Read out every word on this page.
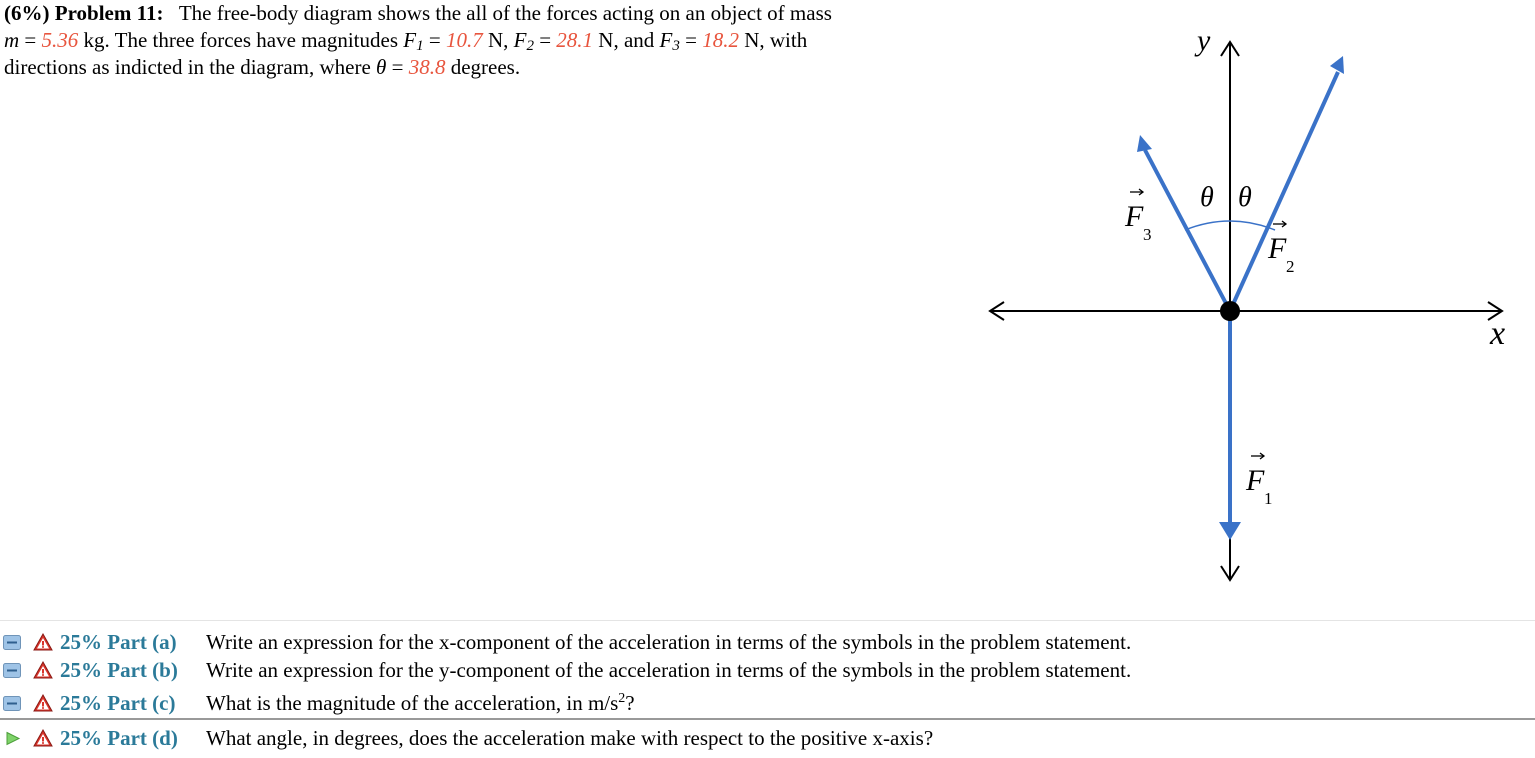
(6%) Problem 11: The free-body diagram shows the all of the forces acting on an object of mass
m = 5.36 kg. The three forces have magnitudes $F_1 = 10.7$ N, $F_2 = 28.1$ N, and $F_3 = 18.2$ N, with
directions as indicted in the diagram, where θ = 38.8 degrees.
y
x
θ θ
F
3	F
2
F
1
25% Part (a) Write an expression for the x-component of the acceleration in terms of the symbols in the problem statement.
25% Part (b) Write an expression for the y-component of the acceleration in terms of the symbols in the problem statement.
25% Part (c) What is the magnitude of the acceleration, in $m/s^2$?
25% Part (d) What angle, in degrees, does the acceleration make with respect to the positive x-axis?
